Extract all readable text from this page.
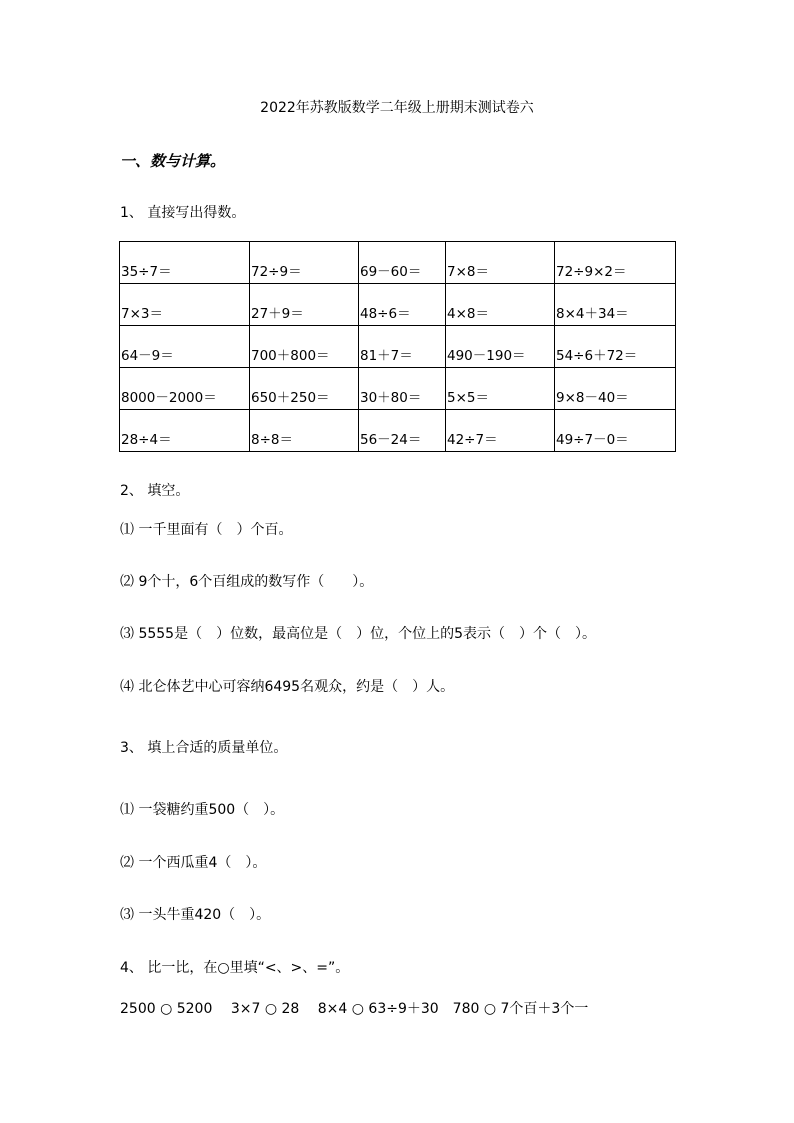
2022年苏教版数学二年级上册期末测试卷六
一、数与计算。
1、 直接写出得数。
35÷7＝	72÷9＝	69－60＝	7×8＝	72÷9×2＝
7×3＝	27＋9＝	48÷6＝	4×8＝	8×4＋34＝
64－9＝	700＋800＝	81＋7＝	490－190＝	54÷6＋72＝
8000－2000＝	650＋250＝	30＋80＝	5×5＝	9×8－40＝
28÷4＝	8÷8＝	56－24＝	42÷7＝	49÷7－0＝
2、 填空。
⑴ 一千里面有（　）个百。
⑵ 9个十，6个百组成的数写作（　　）。
⑶ 5555是（　）位数，最高位是（　）位，个位上的5表示（　）个（　）。
⑷ 北仑体艺中心可容纳6495名观众，约是（　）人。
3、 填上合适的质量单位。
⑴ 一袋糖约重500（　）。
⑵ 一个西瓜重4（　）。
⑶ 一头牛重420（　）。
4、 比一比，在○里填“<、>、=”。
2500 ○ 5200　 3×7 ○ 28　 8×4 ○ 63÷9＋30　780 ○ 7个百＋3个一
